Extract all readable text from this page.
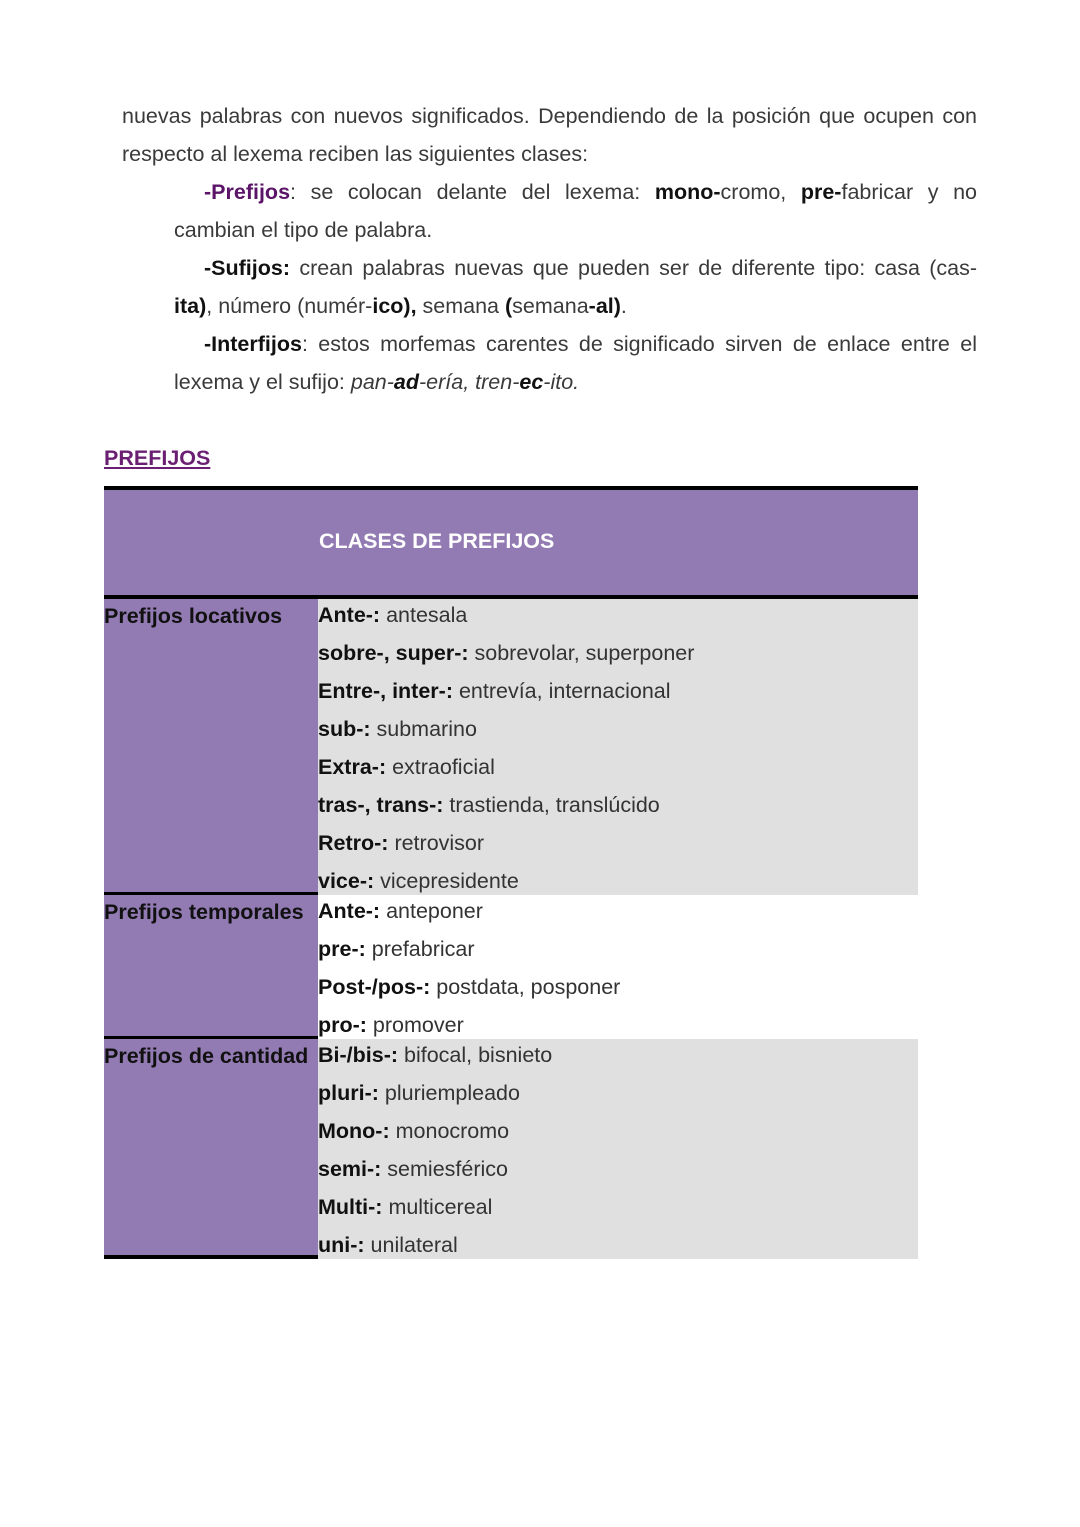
nuevas palabras con nuevos significados. Dependiendo de la posición que ocupen con respecto al lexema reciben las siguientes clases:

-Prefijos: se colocan delante del lexema: mono-cromo, pre-fabricar y no cambian el tipo de palabra.

-Sufijos: crean palabras nuevas que pueden ser de diferente tipo: casa (cas-ita), número (numér-ico), semana (semana-al).

-Interfijos: estos morfemas carentes de significado sirven de enlace entre el lexema y el sufijo: pan-ad-ería, tren-ec-ito.

PREFIJOS
CLASES DE PREFIJOS
Prefijos locativos	Ante-: antesala
sobre-, super-: sobrevolar, superponer
Entre-, inter-: entrevía, internacional
sub-: submarino
Extra-: extraoficial
tras-, trans-: trastienda, translúcido
Retro-: retrovisor
vice-: vicepresidente
Prefijos temporales Ante-: anteponer
pre-: prefabricar
Post-/pos-: postdata, posponer
pro-: promover
Prefijos de cantidad Bi-/bis-: bifocal, bisnieto
pluri-: pluriempleado
Mono-: monocromo
semi-: semiesférico
Multi-: multicereal
uni-: unilateral
